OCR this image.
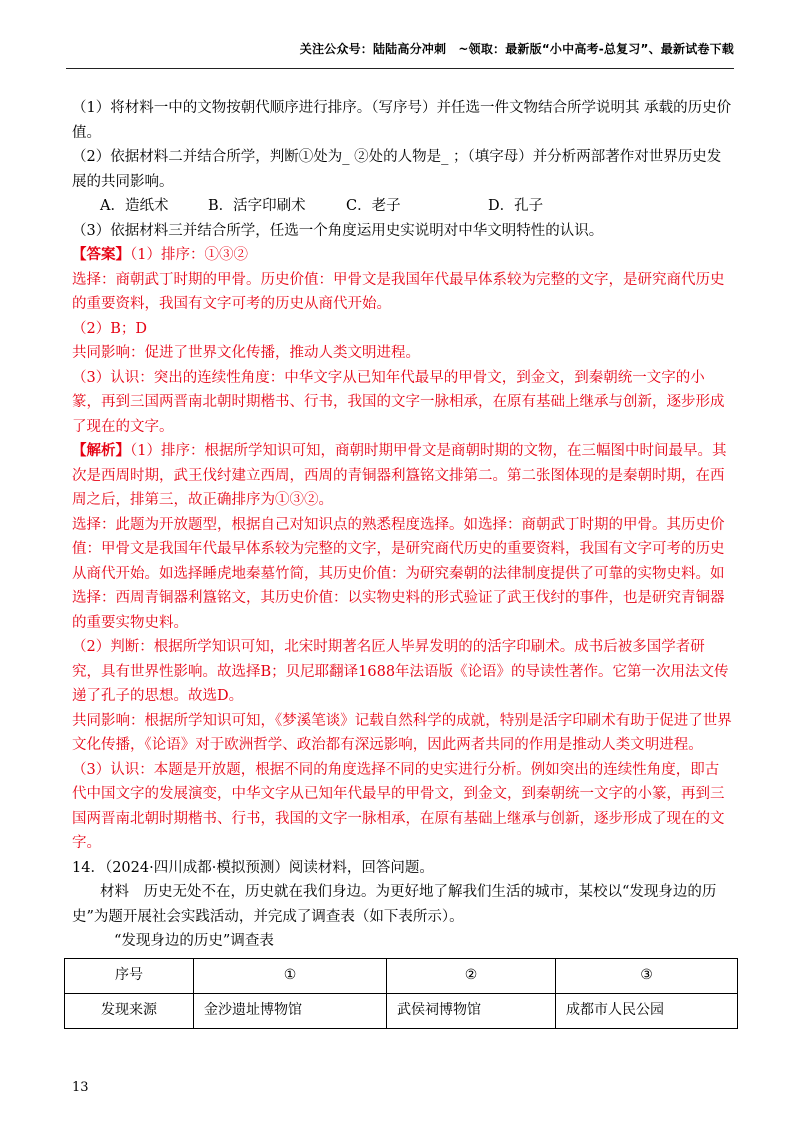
关注公众号：陆陆高分冲刺　~领取：最新版“小中高考-总复习”、最新试卷下载

（1）将材料一中的文物按朝代顺序进行排序。（写序号）并任选一件文物结合所学说明其 承载的历史价值。

（2）依据材料二并结合所学，判断①处为_ ②处的人物是_ ；（填字母）并分析两部著作对世界历史发展的共同影响。

A．造纸术	B．活字印刷术	C．老子	D．孔子

（3）依据材料三并结合所学，任选一个角度运用史实说明对中华文明特性的认识。

【答案】（1）排序：①③②

选择：商朝武丁时期的甲骨。历史价值：甲骨文是我国年代最早体系较为完整的文字，是研究商代历史的重要资料，我国有文字可考的历史从商代开始。

（2）B；D

共同影响：促进了世界文化传播，推动人类文明进程。

（3）认识：突出的连续性角度：中华文字从已知年代最早的甲骨文，到金文，到秦朝统一文字的小篆，再到三国两晋南北朝时期楷书、行书，我国的文字一脉相承，在原有基础上继承与创新，逐步形成了现在的文字。

【解析】（1）排序：根据所学知识可知，商朝时期甲骨文是商朝时期的文物，在三幅图中时间最早。其次是西周时期，武王伐纣建立西周，西周的青铜器利簋铭文排第二。第二张图体现的是秦朝时期，在西周之后，排第三，故正确排序为①③②。

选择：此题为开放题型，根据自己对知识点的熟悉程度选择。如选择：商朝武丁时期的甲骨。其历史价值：甲骨文是我国年代最早体系较为完整的文字，是研究商代历史的重要资料，我国有文字可考的历史从商代开始。如选择睡虎地秦墓竹简，其历史价值：为研究秦朝的法律制度提供了可靠的实物史料。如选择：西周青铜器利簋铭文，其历史价值：以实物史料的形式验证了武王伐纣的事件，也是研究青铜器的重要实物史料。

（2）判断：根据所学知识可知，北宋时期著名匠人毕昇发明的的活字印刷术。成书后被多国学者研究，具有世界性影响。故选择B；贝尼耶翻译1688年法语版《论语》的导读性著作。它第一次用法文传递了孔子的思想。故选D。

共同影响：根据所学知识可知，《梦溪笔谈》记载自然科学的成就，特别是活字印刷术有助于促进了世界文化传播，《论语》对于欧洲哲学、政治都有深远影响，因此两者共同的作用是推动人类文明进程。

（3）认识：本题是开放题，根据不同的角度选择不同的史实进行分析。例如突出的连续性角度，即古代中国文字的发展演变，中华文字从已知年代最早的甲骨文，到金文，到秦朝统一文字的小篆，再到三国两晋南北朝时期楷书、行书，我国的文字一脉相承，在原有基础上继承与创新，逐步形成了现在的文字。

14．（2024·四川成都·模拟预测）阅读材料，回答问题。

材料　历史无处不在，历史就在我们身边。为更好地了解我们生活的城市，某校以“发现身边的历史”为题开展社会实践活动，并完成了调查表（如下表所示）。

“发现身边的历史”调查表

序号	①	②	③
发现来源	金沙遗址博物馆	武侯祠博物馆	成都市人民公园
13
